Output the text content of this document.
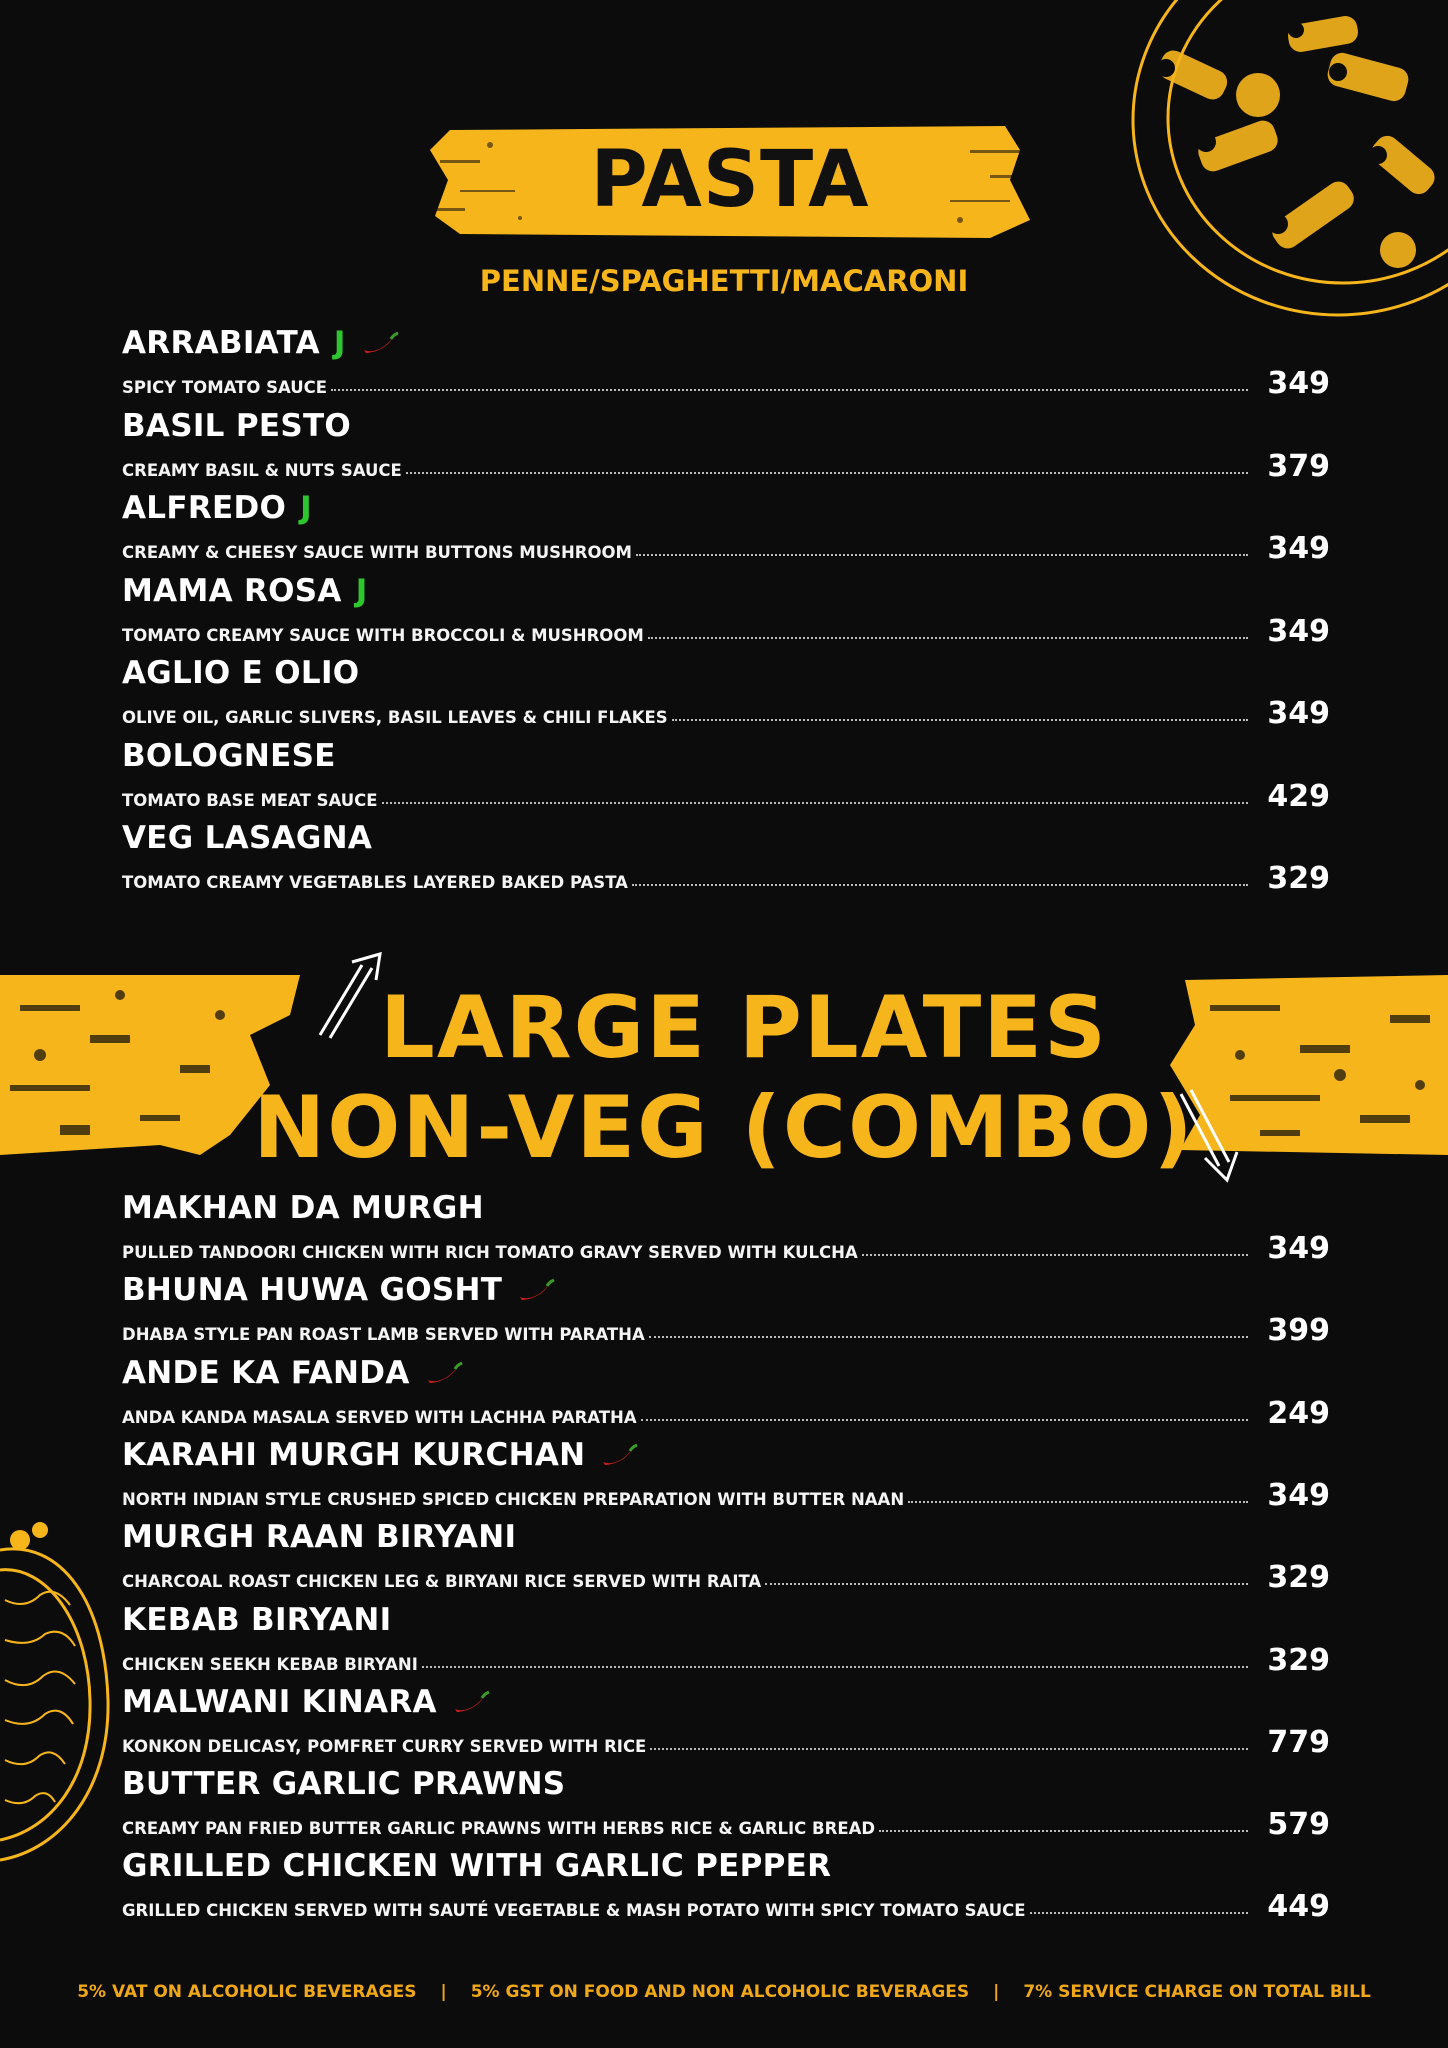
PASTA
PENNE/SPAGHETTI/MACARONI
ARRABIATA J
SPICY TOMATO SAUCE	349
BASIL PESTO
CREAMY BASIL & NUTS SAUCE	379
ALFREDO J
CREAMY & CHEESY SAUCE WITH BUTTONS MUSHROOM	349
MAMA ROSA J
TOMATO CREAMY SAUCE WITH BROCCOLI & MUSHROOM	349
AGLIO E OLIO
OLIVE OIL, GARLIC SLIVERS, BASIL LEAVES & CHILI FLAKES	349
BOLOGNESE
TOMATO BASE MEAT SAUCE	429
VEG LASAGNA
TOMATO CREAMY VEGETABLES LAYERED BAKED PASTA	329
LARGE PLATES
NON-VEG (COMBO)
MAKHAN DA MURGH
PULLED TANDOORI CHICKEN WITH RICH TOMATO GRAVY SERVED WITH KULCHA	349
BHUNA HUWA GOSHT
DHABA STYLE PAN ROAST LAMB SERVED WITH PARATHA	399
ANDE KA FANDA
ANDA KANDA MASALA SERVED WITH LACHHA PARATHA	249
KARAHI MURGH KURCHAN
NORTH INDIAN STYLE CRUSHED SPICED CHICKEN PREPARATION WITH BUTTER NAAN	349
MURGH RAAN BIRYANI
CHARCOAL ROAST CHICKEN LEG & BIRYANI RICE SERVED WITH RAITA	329
KEBAB BIRYANI
CHICKEN SEEKH KEBAB BIRYANI	329
MALWANI KINARA
KONKON DELICASY, POMFRET CURRY SERVED WITH RICE	779
BUTTER GARLIC PRAWNS
CREAMY PAN FRIED BUTTER GARLIC PRAWNS WITH HERBS RICE & GARLIC BREAD	579
GRILLED CHICKEN WITH GARLIC PEPPER
GRILLED CHICKEN SERVED WITH SAUTÉ VEGETABLE & MASH POTATO WITH SPICY TOMATO SAUCE	449
5% VAT ON ALCOHOLIC BEVERAGES | 5% GST ON FOOD AND NON ALCOHOLIC BEVERAGES | 7% SERVICE CHARGE ON TOTAL BILL
